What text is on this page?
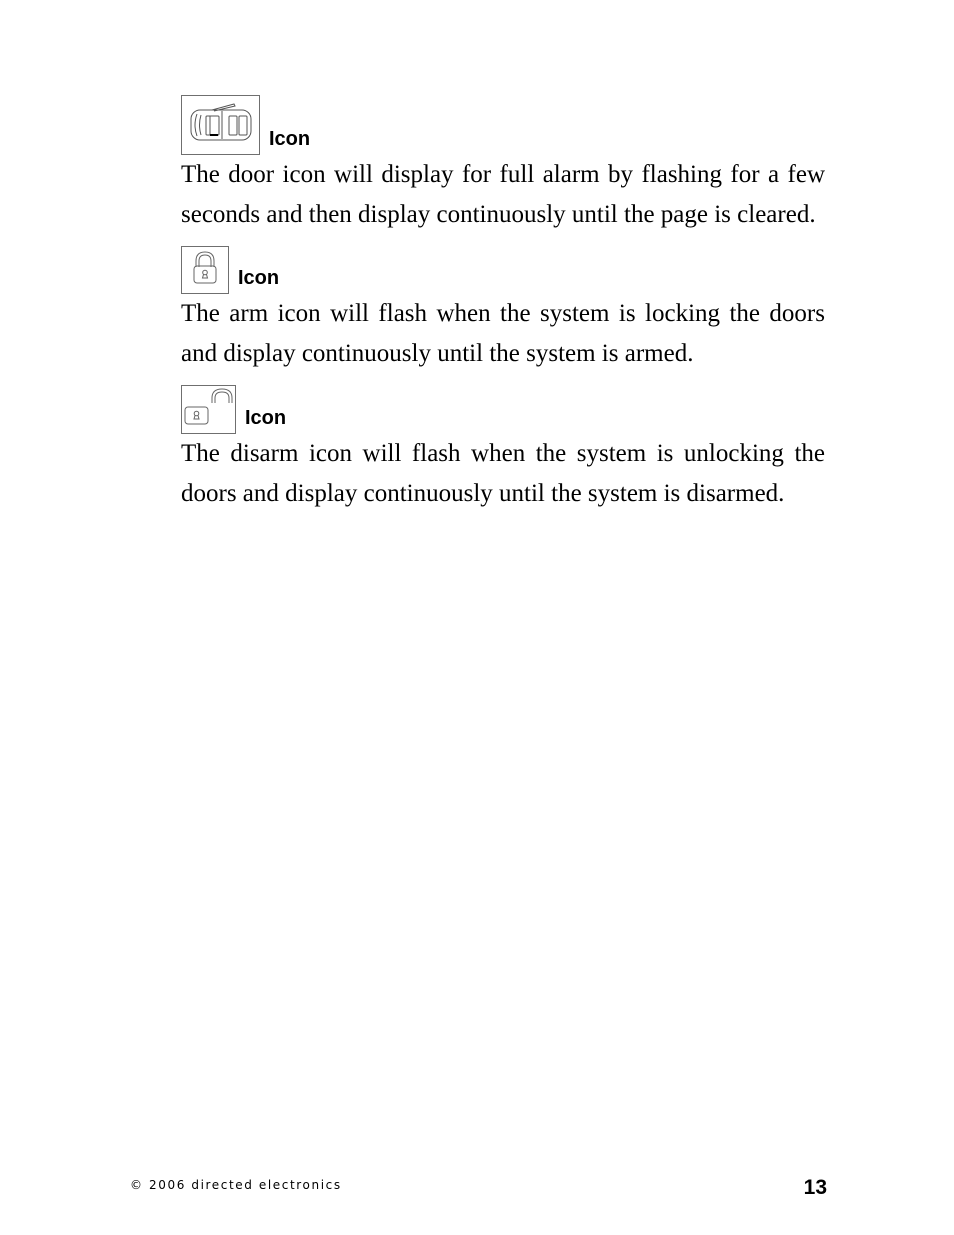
Icon

The door icon will display for full alarm by flashing for a few seconds and then display continuously until the page is cleared.

Icon

The arm icon will flash when the system is locking the doors and display continuously until the system is armed.

Icon

The disarm icon will flash when the system is unlocking the doors and display continuously until the system is disarmed.

© 2006 directed electronics	13
